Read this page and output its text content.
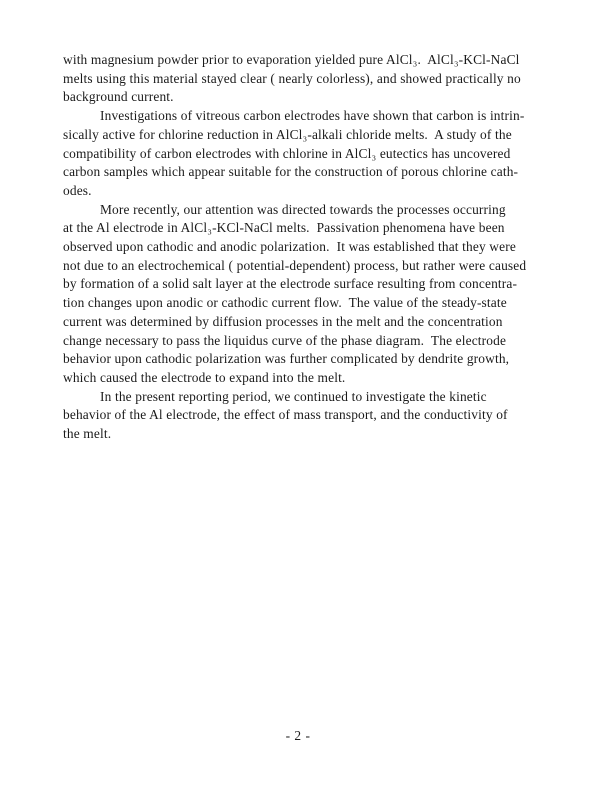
with magnesium powder prior to evaporation yielded pure AlCl₃.  AlCl₃-KCl-NaCl
melts using this material stayed clear ( nearly colorless), and showed practically no
background current.

Investigations of vitreous carbon electrodes have shown that carbon is intrin-
sically active for chlorine reduction in AlCl₃-alkali chloride melts.  A study of the
compatibility of carbon electrodes with chlorine in AlCl₃ eutectics has uncovered
carbon samples which appear suitable for the construction of porous chlorine cath-
odes.

More recently, our attention was directed towards the processes occurring
at the Al electrode in AlCl₃-KCl-NaCl melts.  Passivation phenomena have been
observed upon cathodic and anodic polarization.  It was established that they were
not due to an electrochemical ( potential-dependent) process, but rather were caused
by formation of a solid salt layer at the electrode surface resulting from concentra-
tion changes upon anodic or cathodic current flow.  The value of the steady-state
current was determined by diffusion processes in the melt and the concentration
change necessary to pass the liquidus curve of the phase diagram.  The electrode
behavior upon cathodic polarization was further complicated by dendrite growth,
which caused the electrode to expand into the melt.

In the present reporting period, we continued to investigate the kinetic
behavior of the Al electrode, the effect of mass transport, and the conductivity of
the melt.

- 2 -
